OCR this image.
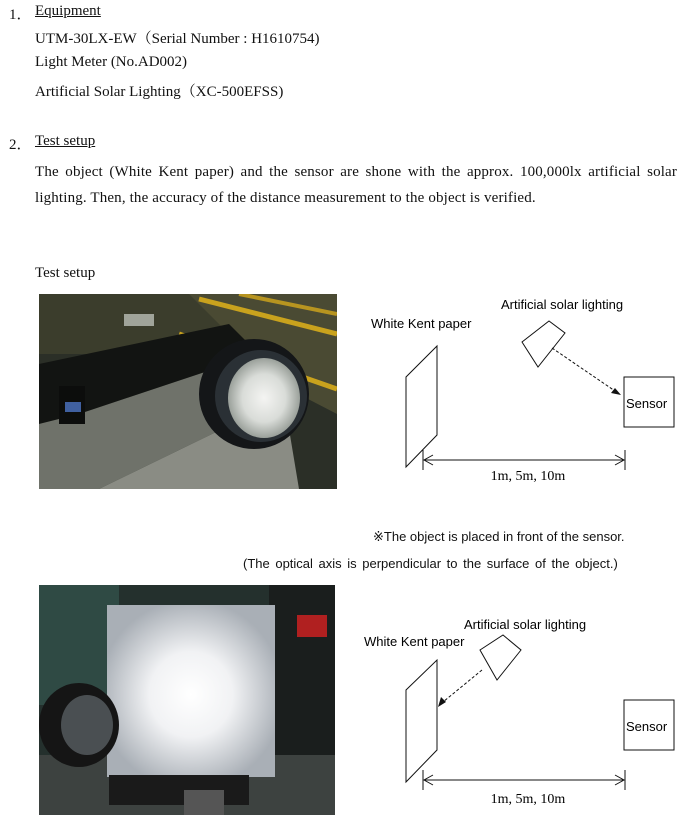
1． Equipment
UTM-30LX-EW（Serial Number : H1610754)
Light Meter (No.AD002)
Artificial Solar Lighting（XC-500EFSS)
2． Test setup
The object (White Kent paper) and the sensor are shone with the approx. 100,000lx artificial solar lighting. Then, the accuracy of the distance measurement to the object is verified.
Test setup
White Kent paper
Artificial solar lighting
Sensor
1m, 5m, 10m
※The object is placed in front of the sensor.
(The optical axis is perpendicular to the surface of the object.)
White Kent paper
Artificial solar lighting
Sensor
1m, 5m, 10m
